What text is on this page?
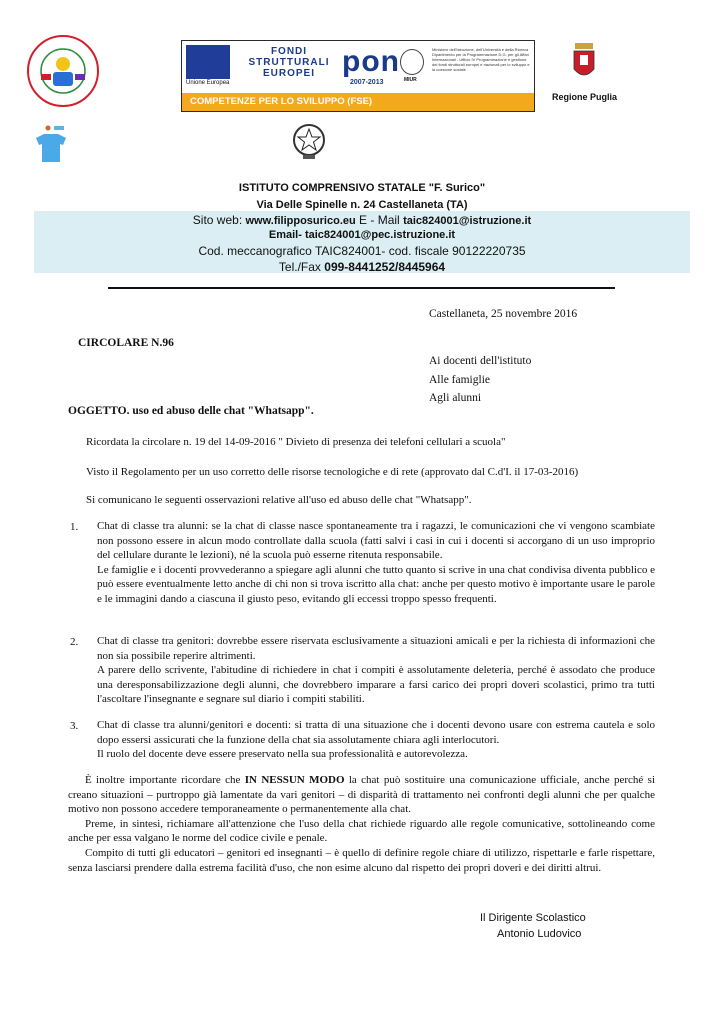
Unione Europea
FONDI
STRUTTURALI
EUROPEI pon
2007-2013	MIUR
Ministero dell'Istruzione, dell'Università e della Ricerca Dipartimento per la Programmazione D.G. per gli Affari Internazionali - Ufficio IV Programmazione e gestione dei fondi strutturali europei e nazionali per lo sviluppo e la coesione sociale
COMPETENZE PER LO SVILUPPO (FSE)	Regione Puglia
ISTITUTO COMPRENSIVO STATALE "F. Surico"
Via Delle Spinelle n. 24 Castellaneta (TA)
Sito web: www.filipposurico.eu E - Mail taic824001@istruzione.it
Email- taic824001@pec.istruzione.it
Cod. meccanografico TAIC824001- cod. fiscale 90122220735
Tel./Fax 099-8441252/8445964
Castellaneta, 25 novembre 2016
CIRCOLARE N.96
Ai docenti dell'istituto
Alle famiglie
Agli alunni
OGGETTO. uso ed abuso delle chat "Whatsapp".
Ricordata la circolare n. 19 del 14-09-2016 " Divieto di presenza dei telefoni cellulari a scuola"
Visto il Regolamento per un uso corretto delle risorse tecnologiche e di rete (approvato dal C.d'I. il 17-03-2016)
Si comunicano le seguenti osservazioni relative all'uso ed abuso delle chat "Whatsapp".
1. Chat di classe tra alunni: se la chat di classe nasce spontaneamente tra i ragazzi, le comunicazioni che vi vengono scambiate non possono essere in alcun modo controllate dalla scuola (fatti salvi i casi in cui i docenti si accorgano di un uso improprio del cellulare durante le lezioni), né la scuola può esserne ritenuta responsabile.

Le famiglie e i docenti provvederanno a spiegare agli alunni che tutto quanto si scrive in una chat condivisa diventa pubblico e può essere eventualmente letto anche di chi non si trova iscritto alla chat: anche per questo motivo è importante usare le parole e le immagini dando a ciascuna il giusto peso, evitando gli eccessi troppo spesso frequenti.

2. Chat di classe tra genitori: dovrebbe essere riservata esclusivamente a situazioni amicali e per la richiesta di informazioni che non sia possibile reperire altrimenti.

A parere dello scrivente, l'abitudine di richiedere in chat i compiti è assolutamente deleteria, perché è assodato che produce una deresponsabilizzazione degli alunni, che dovrebbero imparare a farsi carico dei propri doveri scolastici, primo tra tutti l'ascoltare l'insegnante e segnare sul diario i compiti stabiliti.

3. Chat di classe tra alunni/genitori e docenti: si tratta di una situazione che i docenti devono usare con estrema cautela e solo dopo essersi assicurati che la funzione della chat sia assolutamente chiara agli interlocutori.

Il ruolo del docente deve essere preservato nella sua professionalità e autorevolezza.

È inoltre importante ricordare che IN NESSUN MODO la chat può sostituire una comunicazione ufficiale, anche perché si creano situazioni – purtroppo già lamentate da vari genitori – di disparità di trattamento nei confronti degli alunni che per qualche motivo non possono accedere temporaneamente o permanentemente alla chat.

Preme, in sintesi, richiamare all'attenzione che l'uso della chat richiede riguardo alle regole comunicative, sottolineando come anche per essa valgano le norme del codice civile e penale.

Compito di tutti gli educatori – genitori ed insegnanti – è quello di definire regole chiare di utilizzo, rispettarle e farle rispettare, senza lasciarsi prendere dalla estrema facilità d'uso, che non esime alcuno dal rispetto dei propri doveri e dei diritti altrui.

Il Dirigente Scolastico
Antonio Ludovico
